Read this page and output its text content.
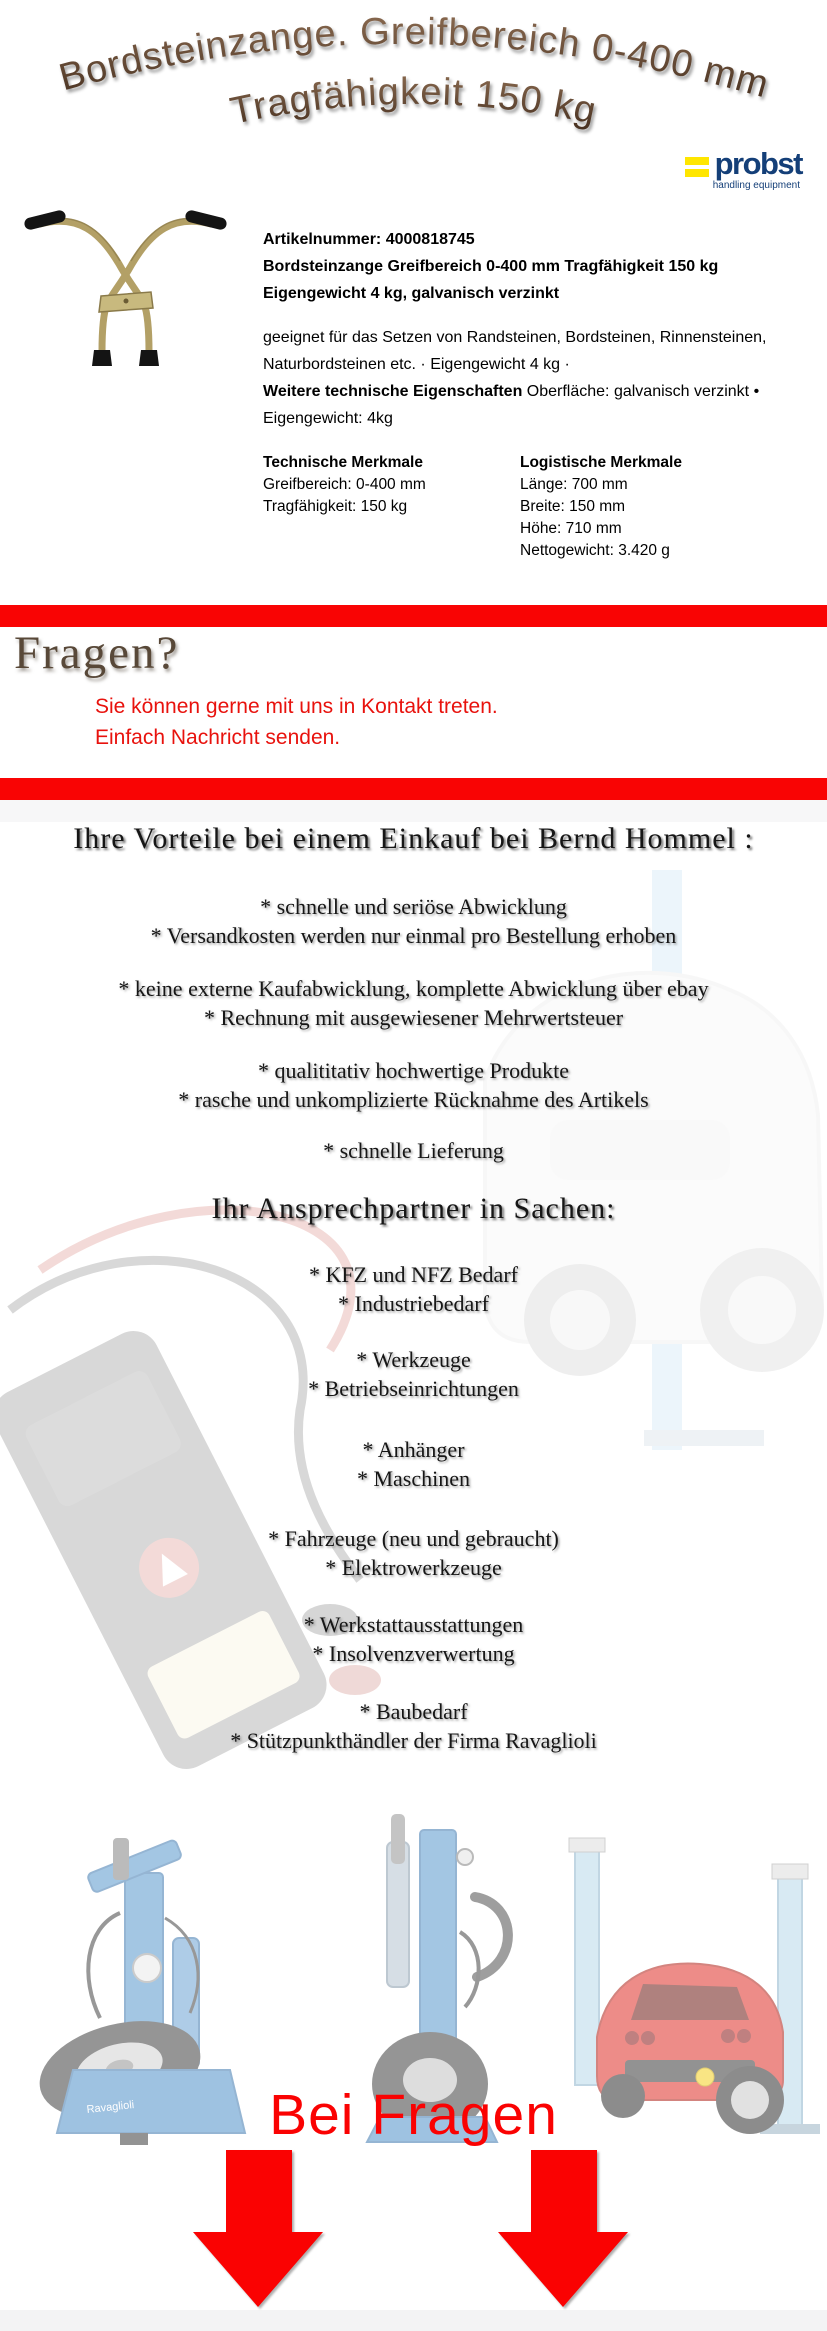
Bordsteinzange. Greifbereich 0-400 mm
Tragfähigkeit 150 kg
probst
handling equipment
Artikelnummer: 4000818745
Bordsteinzange Greifbereich 0-400 mm Tragfähigkeit 150 kg
Eigengewicht 4 kg, galvanisch verzinkt
geeignet für das Setzen von Randsteinen, Bordsteinen, Rinnensteinen, Naturbordsteinen etc. · Eigengewicht 4 kg ·
Weitere technische Eigenschaften Oberfläche: galvanisch verzinkt • Eigengewicht: 4kg
Technische Merkmale
Greifbereich: 0-400 mm
Tragfähigkeit: 150 kg
Logistische Merkmale
Länge: 700 mm
Breite: 150 mm
Höhe: 710 mm
Nettogewicht: 3.420 g
Fragen?
Sie können gerne mit uns in Kontakt treten.
Einfach Nachricht senden.
Ihre Vorteile bei einem Einkauf bei Bernd Hommel :
* schnelle und seriöse Abwicklung
* Versandkosten werden nur einmal pro Bestellung erhoben
* keine externe Kaufabwicklung, komplette Abwicklung über ebay
* Rechnung mit ausgewiesener Mehrwertsteuer
* qualititativ hochwertige Produkte
* rasche und unkomplizierte Rücknahme des Artikels
* schnelle Lieferung
Ihr Ansprechpartner in Sachen:
* KFZ und NFZ Bedarf
* Industriebedarf
* Werkzeuge
* Betriebseinrichtungen
* Anhänger
* Maschinen
* Fahrzeuge (neu und gebraucht)
* Elektrowerkzeuge
* Werkstattausstattungen
* Insolvenzverwertung
* Baubedarf
* Stützpunkthändler der Firma Ravaglioli
Ravaglioli	Bei Fragen
